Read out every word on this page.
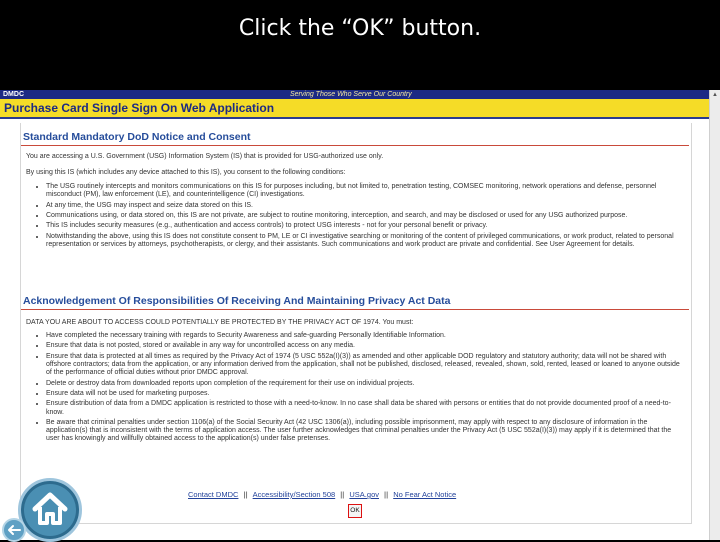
Click the “OK” button.
DMDC	Serving Those Who Serve Our Country
Purchase Card Single Sign On Web Application
Standard Mandatory DoD Notice and Consent

You are accessing a U.S. Government (USG) Information System (IS) that is provided for USG-authorized use only.

By using this IS (which includes any device attached to this IS), you consent to the following conditions:

• The USG routinely intercepts and monitors communications on this IS for purposes including, but not limited to, penetration testing, COMSEC monitoring, network operations and defense, personnel misconduct (PM), law enforcement (LE), and counterintelligence (CI) investigations.
• At any time, the USG may inspect and seize data stored on this IS.
• Communications using, or data stored on, this IS are not private, are subject to routine monitoring, interception, and search, and may be disclosed or used for any USG authorized purpose.
• This IS includes security measures (e.g., authentication and access controls) to protect USG interests - not for your personal benefit or privacy.
• Notwithstanding the above, using this IS does not constitute consent to PM, LE or CI investigative searching or monitoring of the content of privileged communications, or work product, related to personal representation or services by attorneys, psychotherapists, or clergy, and their assistants. Such communications and work product are private and confidential. See User Agreement for details.
Acknowledgement Of Responsibilities Of Receiving And Maintaining Privacy Act Data

DATA YOU ARE ABOUT TO ACCESS COULD POTENTIALLY BE PROTECTED BY THE PRIVACY ACT OF 1974. You must:

• Have completed the necessary training with regards to Security Awareness and safe-guarding Personally Identifiable Information.
• Ensure that data is not posted, stored or available in any way for uncontrolled access on any media.
• Ensure that data is protected at all times as required by the Privacy Act of 1974 (5 USC 552a(I)(3)) as amended and other applicable DOD regulatory and statutory authority; data will not be shared with offshore contractors; data from the application, or any information derived from the application, shall not be published, disclosed, released, revealed, shown, sold, rented, leased or loaned to anyone outside of the performance of official duties without prior DMDC approval.
• Delete or destroy data from downloaded reports upon completion of the requirement for their use on individual projects.
• Ensure data will not be used for marketing purposes.
• Ensure distribution of data from a DMDC application is restricted to those with a need-to-know. In no case shall data be shared with persons or entities that do not provide documented proof of a need-to-know.
• Be aware that criminal penalties under section 1106(a) of the Social Security Act (42 USC 1306(a)), including possible imprisonment, may apply with respect to any disclosure of information in the application(s) that is inconsistent with the terms of application access. The user further acknowledges that criminal penalties under the Privacy Act (5 USC 552a(I)(3)) may apply if it is determined that the user has knowingly and willfully obtained access to the application(s) under false pretenses.
Contact DMDC || Accessibility/Section 508 || USA.gov || No Fear Act Notice
OK
▲
